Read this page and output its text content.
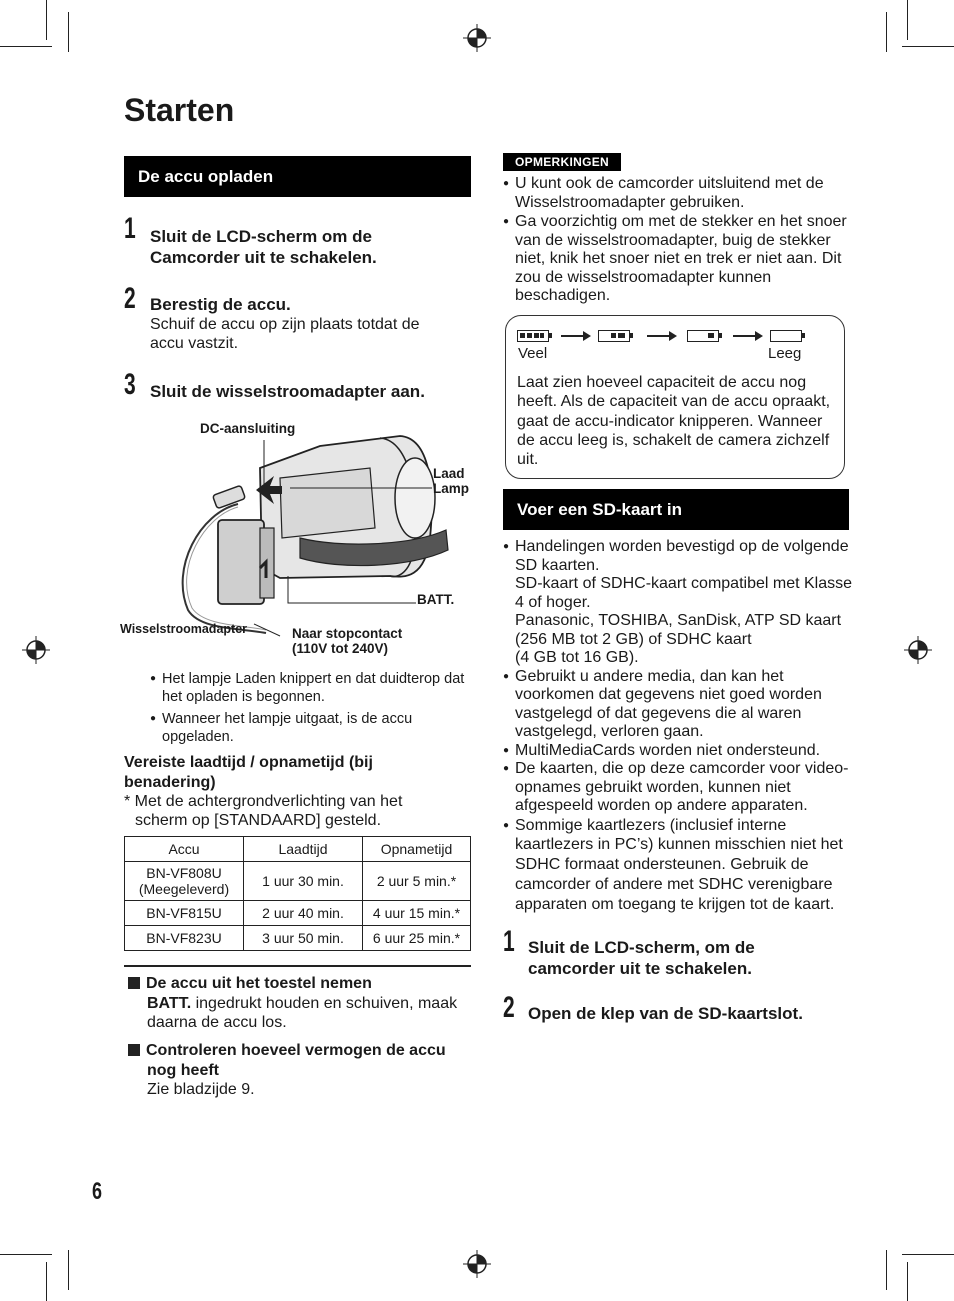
Starten
De accu opladen
1 Sluit de LCD-scherm om de Camcorder uit te schakelen.

2 Berestig de accu.

Schuif de accu op zijn plaats totdat de accu vastzit.

3 Sluit de wisselstroomadapter aan.

DC-aansluiting
Laad
Lamp
BATT.
Wisselstroomadapter	Naar stopcontact
(110V tot 240V)
● Het lampje Laden knippert en dat duidterop dat het opladen is begonnen.
● Wanneer het lampje uitgaat, is de accu opgeladen.
Vereiste laadtijd / opnametijd (bij benadering)
* Met de achtergrondverlichting van het scherm op [STANDAARD] gesteld.
Accu	Laadtijd	Opnametijd
BN-VF808U
(Meegeleverd)	1 uur 30 min.	2 uur 5 min.*
BN-VF815U	2 uur 40 min.	4 uur 15 min.*
BN-VF823U	3 uur 50 min.	6 uur 25 min.*
De accu uit het toestel nemen
BATT. ingedrukt houden en schuiven, maak daarna de accu los.
Controleren hoeveel vermogen de accu nog heeft
Zie bladzijde 9.
OPMERKINGEN
● U kunt ook de camcorder uitsluitend met de Wisselstroomadapter gebruiken.
● Ga voorzichtig om met de stekker en het snoer van de wisselstroomadapter, buig de stekker niet, knik het snoer niet en trek er niet aan. Dit zou de wisselstroomadapter kunnen beschadigen.
Veel	Leeg
Laat zien hoeveel capaciteit de accu nog heeft. Als de capaciteit van de accu opraakt, gaat de accu-indicator knipperen. Wanneer de accu leeg is, schakelt de camera zichzelf uit.
Voer een SD-kaart in
● Handelingen worden bevestigd op de volgende SD kaarten.
SD-kaart of SDHC-kaart compatibel met Klasse 4 of hoger.
Panasonic, TOSHIBA, SanDisk, ATP SD kaart (256 MB tot 2 GB) of SDHC kaart
(4 GB tot 16 GB).
● Gebruikt u andere media, dan kan het voorkomen dat gegevens niet goed worden vastgelegd of dat gegevens die al waren vastgelegd, verloren gaan.
● MultiMediaCards worden niet ondersteund.
● De kaarten, die op deze camcorder voor video-opnames gebruikt worden, kunnen niet afgespeeld worden op andere apparaten.
● Sommige kaartlezers (inclusief interne kaartlezers in PC’s) kunnen misschien niet het SDHC formaat ondersteunen. Gebruik de camcorder of andere met SDHC verenigbare apparaten om toegang te krijgen tot de kaart.
1 Sluit de LCD-scherm, om de camcorder uit te schakelen.

2 Open de klep van de SD-kaartslot.

6
